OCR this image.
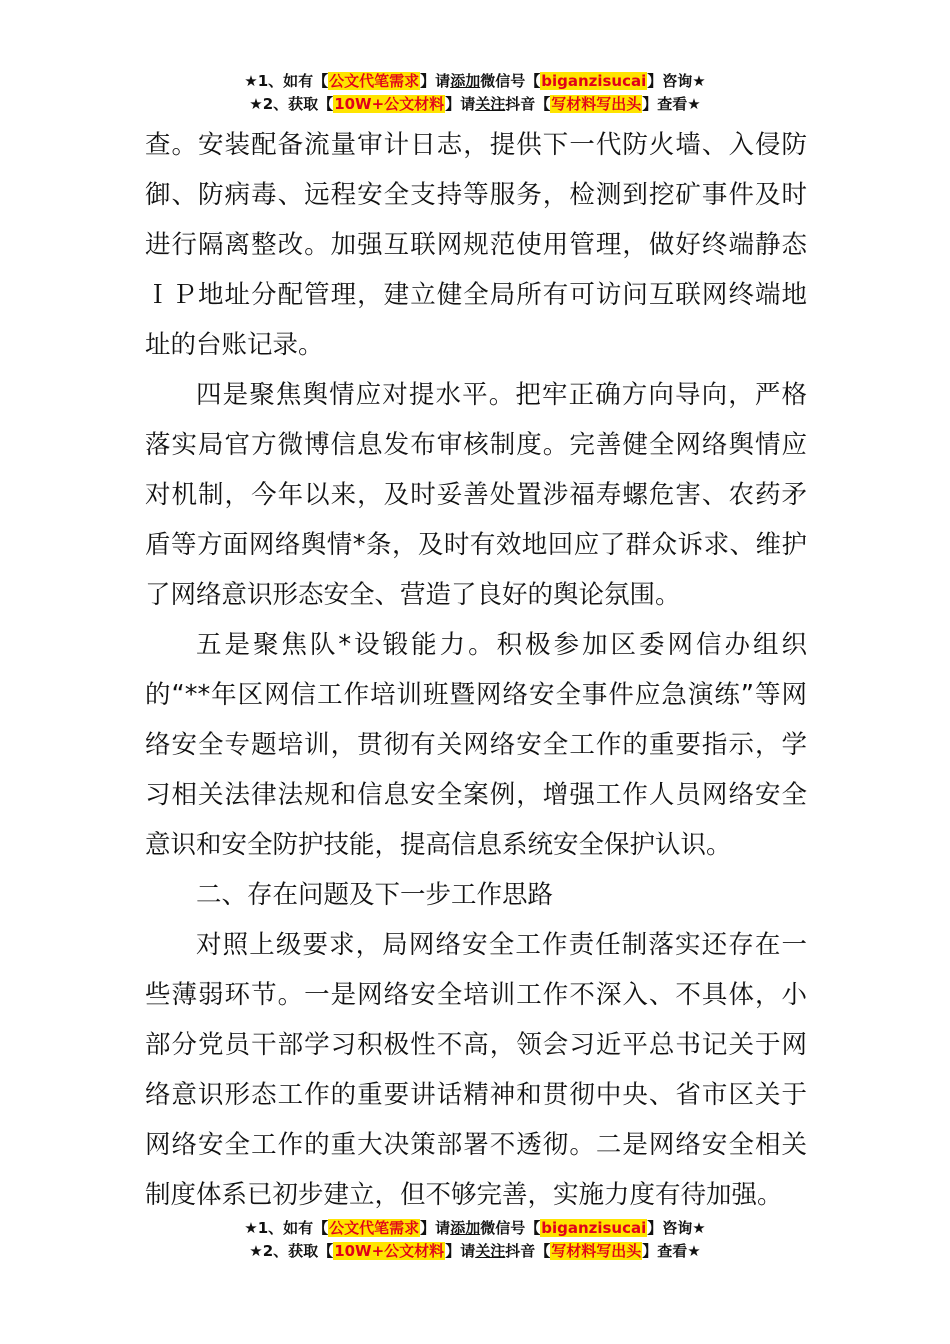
★1、如有【公文代笔需求】请添加微信号【biganzisucai】咨询★
★2、获取【10W+公文材料】请关注抖音【写材料写出头】查看★

查。安装配备流量审计日志，提供下一代防火墙、入侵防御、防病毒、远程安全支持等服务，检测到挖矿事件及时进行隔离整改。加强互联网规范使用管理，做好终端静态ＩＰ地址分配管理，建立健全局所有可访问互联网终端地址的台账记录。

四是聚焦舆情应对提水平。把牢正确方向导向，严格落实局官方微博信息发布审核制度。完善健全网络舆情应对机制，今年以来，及时妥善处置涉福寿螺危害、农药矛盾等方面网络舆情*条，及时有效地回应了群众诉求、维护了网络意识形态安全、营造了良好的舆论氛围。

五是聚焦队*设锻能力。积极参加区委网信办组织的“**年区网信工作培训班暨网络安全事件应急演练”等网络安全专题培训，贯彻有关网络安全工作的重要指示，学习相关法律法规和信息安全案例，增强工作人员网络安全意识和安全防护技能，提高信息系统安全保护认识。

二、存在问题及下一步工作思路

对照上级要求，局网络安全工作责任制落实还存在一些薄弱环节。一是网络安全培训工作不深入、不具体，小部分党员干部学习积极性不高，领会习近平总书记关于网络意识形态工作的重要讲话精神和贯彻中央、省市区关于网络安全工作的重大决策部署不透彻。二是网络安全相关制度体系已初步建立，但不够完善，实施力度有待加强。

★1、如有【公文代笔需求】请添加微信号【biganzisucai】咨询★
★2、获取【10W+公文材料】请关注抖音【写材料写出头】查看★
